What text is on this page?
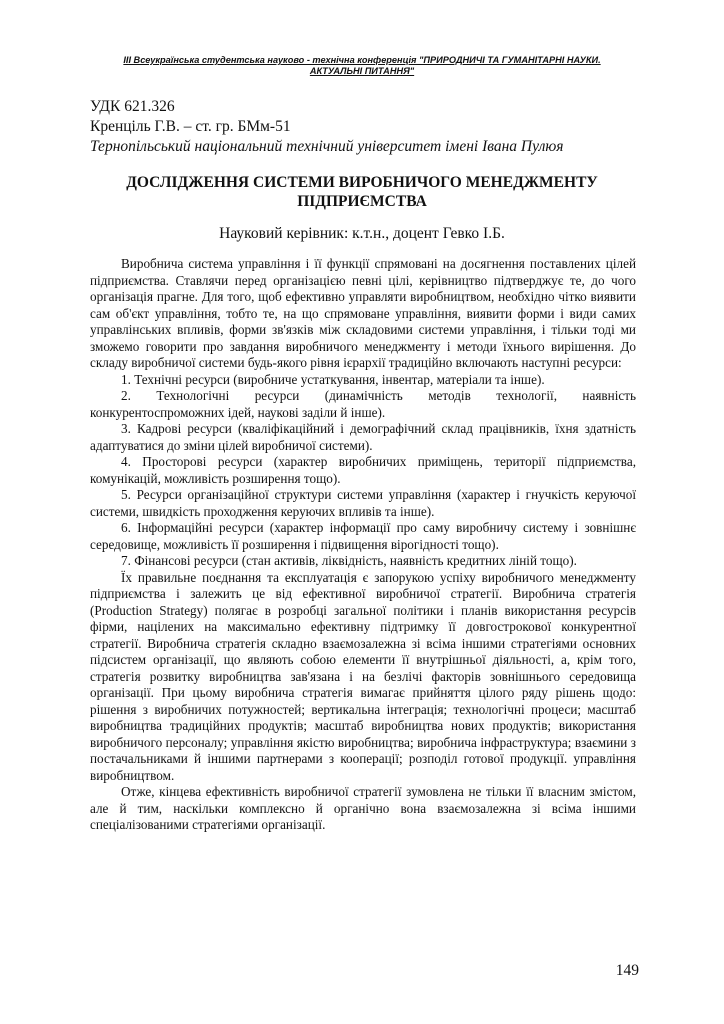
ІІІ Всеукраїнська студентська науково - технічна конференція "ПРИРОДНИЧІ ТА ГУМАНІТАРНІ НАУКИ.
АКТУАЛЬНІ ПИТАННЯ"
УДК 621.326
Кренціль Г.В. – ст. гр. БМм-51
Тернопільський національний технічний університет імені Івана Пулюя
ДОСЛІДЖЕННЯ СИСТЕМИ ВИРОБНИЧОГО МЕНЕДЖМЕНТУ
ПІДПРИЄМСТВА
Науковий керівник: к.т.н., доцент Гевко І.Б.

Виробнича система управління і її функції спрямовані на досягнення поставлених цілей підприємства. Ставлячи перед організацією певні цілі, керівництво підтверджує те, до чого організація прагне. Для того, щоб ефективно управляти виробництвом, необхідно чітко виявити сам об'єкт управління, тобто те, на що спрямоване управління, виявити форми і види самих управлінських впливів, форми зв'язків між складовими системи управління, і тільки тоді ми зможемо говорити про завдання виробничого менеджменту і методи їхнього вирішення. До складу виробничої системи будь-якого рівня ієрархії традиційно включають наступні ресурси:

1. Технічні ресурси (виробниче устаткування, інвентар, матеріали та інше).

2. Технологічні ресурси (динамічність методів технології, наявність конкурентоспроможних ідей, наукові заділи й інше).

3. Кадрові ресурси (кваліфікаційний і демографічний склад працівників, їхня здатність адаптуватися до зміни цілей виробничої системи).

4. Просторові ресурси (характер виробничих приміщень, території підприємства, комунікацій, можливість розширення тощо).

5. Ресурси організаційної структури системи управління (характер і гнучкість керуючої системи, швидкість проходження керуючих впливів та інше).

6. Інформаційні ресурси (характер інформації про саму виробничу систему і зовнішнє середовище, можливість її розширення і підвищення вірогідності тощо).

7. Фінансові ресурси (стан активів, ліквідність, наявність кредитних ліній тощо).

Їх правильне поєднання та експлуатація є запорукою успіху виробничого менеджменту підприємства і залежить це від ефективної виробничої стратегії. Виробнича стратегія (Production Strategy) полягає в розробці загальної політики і планів використання ресурсів фірми, націлених на максимально ефективну підтримку її довгострокової конкурентної стратегії. Виробнича стратегія складно взаємозалежна зі всіма іншими стратегіями основних підсистем організації, що являють собою елементи її внутрішньої діяльності, а, крім того, стратегія розвитку виробництва зав'язана і на безлічі факторів зовнішнього середовища організації. При цьому виробнича стратегія вимагає прийняття цілого ряду рішень щодо: рішення з виробничих потужностей; вертикальна інтеграція; технологічні процеси; масштаб виробництва традиційних продуктів; масштаб виробництва нових продуктів; використання виробничого персоналу; управління якістю виробництва; виробнича інфраструктура; взаємини з постачальниками й іншими партнерами з кооперації; розподіл готової продукції. управління виробництвом.

Отже, кінцева ефективність виробничої стратегії зумовлена не тільки її власним змістом, але й тим, наскільки комплексно й органічно вона взаємозалежна зі всіма іншими спеціалізованими стратегіями організації.

149
